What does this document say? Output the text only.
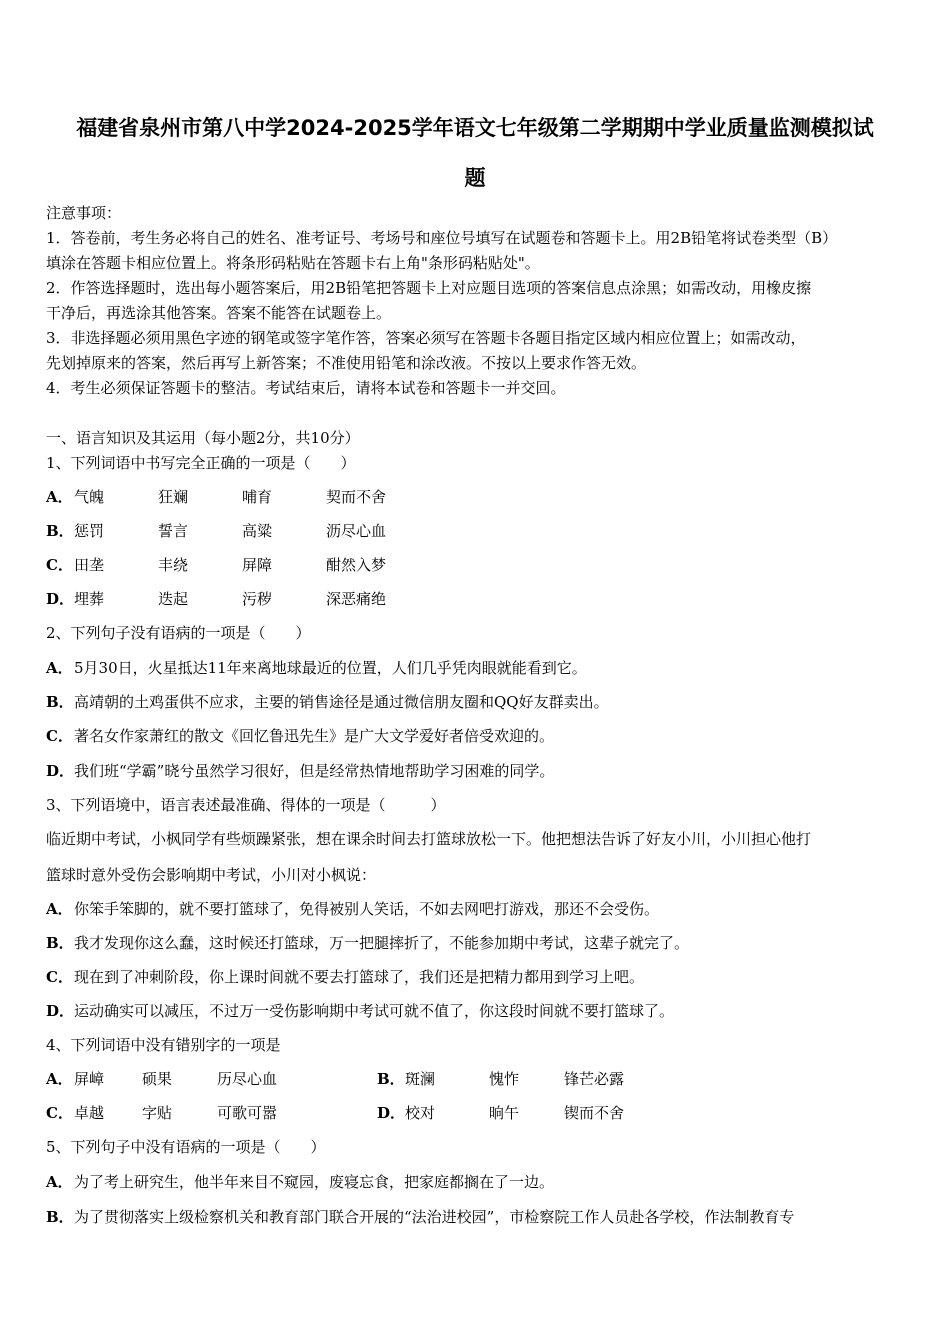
福建省泉州市第八中学2024-2025学年语文七年级第二学期期中学业质量监测模拟试
题
注意事项：
1．答卷前，考生务必将自己的姓名、准考证号、考场号和座位号填写在试题卷和答题卡上。用2B铅笔将试卷类型（B）
填涂在答题卡相应位置上。将条形码粘贴在答题卡右上角"条形码粘贴处"。
2．作答选择题时，选出每小题答案后，用2B铅笔把答题卡上对应题目选项的答案信息点涂黑；如需改动，用橡皮擦
干净后，再选涂其他答案。答案不能答在试题卷上。
3．非选择题必须用黑色字迹的钢笔或签字笔作答，答案必须写在答题卡各题目指定区域内相应位置上；如需改动，
先划掉原来的答案，然后再写上新答案；不准使用铅笔和涂改液。不按以上要求作答无效。
4．考生必须保证答题卡的整洁。考试结束后，请将本试卷和答题卡一并交回。
一、语言知识及其运用（每小题2分，共10分）
1、下列词语中书写完全正确的一项是（　　）
A． 气魄	狂斓	哺育	契而不舍
B． 惩罚	誓言	高粱	沥尽心血
C． 田垄	丰绕	屏障	酣然入梦
D． 埋葬	迭起	污秽	深恶痛绝
2、下列句子没有语病的一项是（　　）
A．5月30日，火星抵达11年来离地球最近的位置，人们几乎凭肉眼就能看到它。
B．高靖朝的土鸡蛋供不应求，主要的销售途径是通过微信朋友圈和QQ好友群卖出。
C．著名女作家萧红的散文《回忆鲁迅先生》是广大文学爱好者倍受欢迎的。
D．我们班“学霸”晓兮虽然学习很好，但是经常热情地帮助学习困难的同学。
3、下列语境中，语言表述最准确、得体的一项是（　　　）
临近期中考试，小枫同学有些烦躁紧张，想在课余时间去打篮球放松一下。他把想法告诉了好友小川，小川担心他打
篮球时意外受伤会影响期中考试，小川对小枫说：
A．你笨手笨脚的，就不要打篮球了，免得被别人笑话，不如去网吧打游戏，那还不会受伤。
B．我才发现你这么蠢，这时候还打篮球，万一把腿摔折了，不能参加期中考试，这辈子就完了。
C．现在到了冲刺阶段，你上课时间就不要去打篮球了，我们还是把精力都用到学习上吧。
D．运动确实可以减压，不过万一受伤影响期中考试可就不值了，你这段时间就不要打篮球了。
4、下列词语中没有错别字的一项是
A． 屏嶂	硕果	历尽心血	B． 斑澜	愧怍	锋芒必露
C． 卓越	字贴	可歌可嚣	D． 校对	晌午	锲而不舍
5、下列句子中没有语病的一项是（　　）
A．为了考上研究生，他半年来目不窥园，废寝忘食，把家庭都搁在了一边。
B．为了贯彻落实上级检察机关和教育部门联合开展的“法治进校园”，市检察院工作人员赴各学校，作法制教育专
